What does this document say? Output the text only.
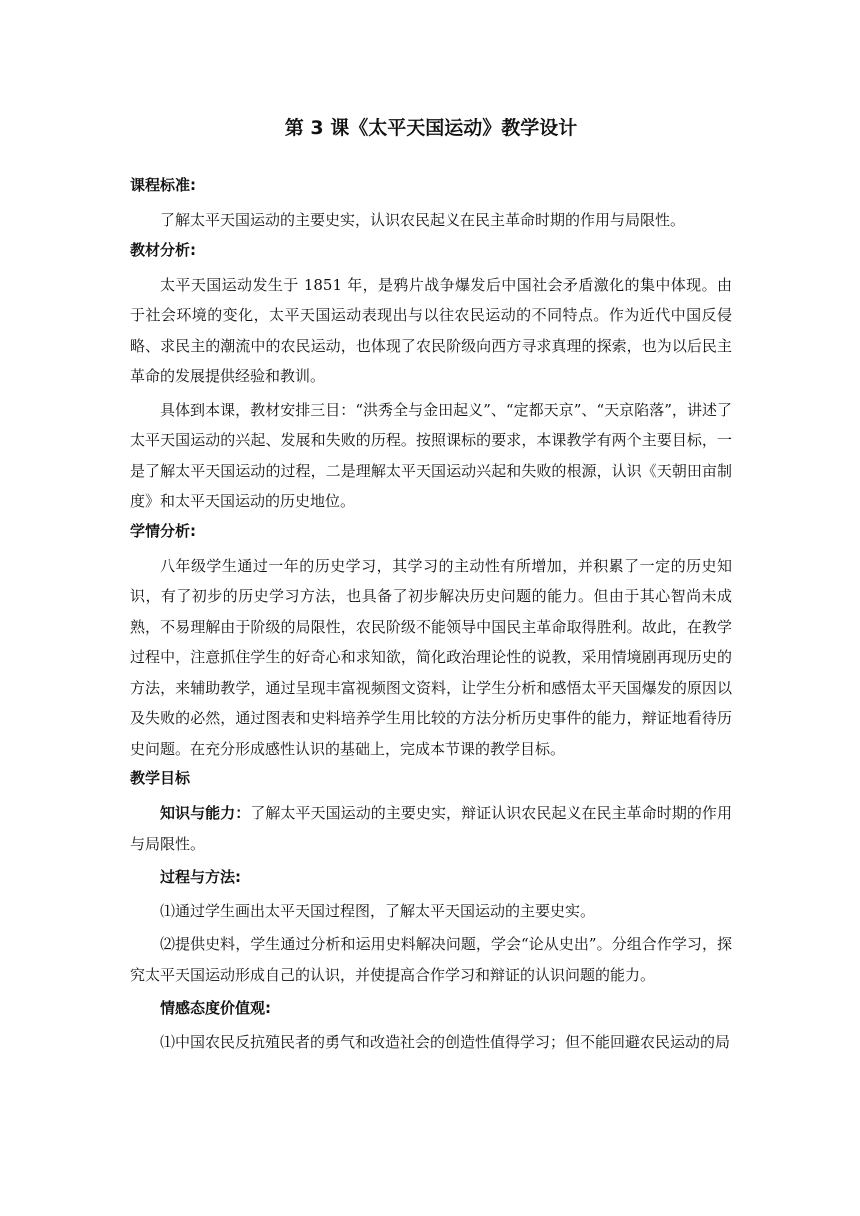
第 3 课《太平天国运动》教学设计
课程标准:

了解太平天国运动的主要史实，认识农民起义在民主革命时期的作用与局限性。

教材分析:

太平天国运动发生于 1851 年，是鸦片战争爆发后中国社会矛盾激化的集中体现。由于社会环境的变化，太平天国运动表现出与以往农民运动的不同特点。作为近代中国反侵略、求民主的潮流中的农民运动，也体现了农民阶级向西方寻求真理的探索，也为以后民主革命的发展提供经验和教训。

具体到本课，教材安排三目：“洪秀全与金田起义”、“定都天京”、“天京陷落”，讲述了太平天国运动的兴起、发展和失败的历程。按照课标的要求，本课教学有两个主要目标，一是了解太平天国运动的过程，二是理解太平天国运动兴起和失败的根源，认识《天朝田亩制度》和太平天国运动的历史地位。

学情分析:

八年级学生通过一年的历史学习，其学习的主动性有所增加，并积累了一定的历史知识，有了初步的历史学习方法，也具备了初步解决历史问题的能力。但由于其心智尚未成熟，不易理解由于阶级的局限性，农民阶级不能领导中国民主革命取得胜利。故此，在教学过程中，注意抓住学生的好奇心和求知欲，简化政治理论性的说教，采用情境剧再现历史的方法，来辅助教学，通过呈现丰富视频图文资料，让学生分析和感悟太平天国爆发的原因以及失败的必然，通过图表和史料培养学生用比较的方法分析历史事件的能力，辩证地看待历史问题。在充分形成感性认识的基础上，完成本节课的教学目标。

教学目标

知识与能力：了解太平天国运动的主要史实，辩证认识农民起义在民主革命时期的作用与局限性。

过程与方法:

⑴通过学生画出太平天国过程图，了解太平天国运动的主要史实。

⑵提供史料，学生通过分析和运用史料解决问题，学会“论从史出”。分组合作学习，探究太平天国运动形成自己的认识，并使提高合作学习和辩证的认识问题的能力。

情感态度价值观:

⑴中国农民反抗殖民者的勇气和改造社会的创造性值得学习；但不能回避农民运动的局
